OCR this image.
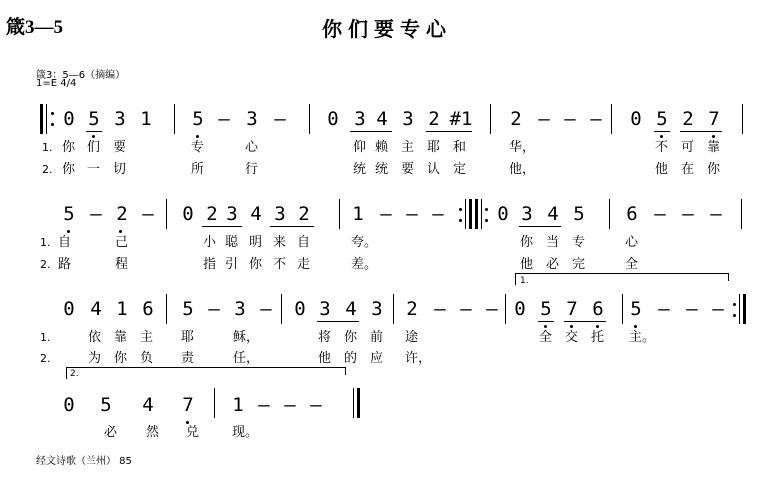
箴3—5	你们要专心
箴3：5—6（摘编）
1=E 4/4
0 5 3 1 5 – 3 – 0 3 4 3 2 #1 2 – – – 0 5 2 7
1. 你 们 要	专	心	仰 赖 主 耶 和	华，	不 可 靠
2. 你 一 切	所	行	统 统 要 认 定	他，	他 在 你
5 – 2 – 0 2 3 4 3 2 1 – – –	0 3 4 5 6 – – –
1. 自	己	小 聪 明 来 自	夸。	你 当 专	心
2. 路	程	指 引 你 不 走	差。	他 必 完	全
1.
0 4 1 6 5 – 3 – 0 3 4 3 2 – – – 0 5 7 6 5 – – –
1.	依 靠 主 耶	稣，	将 你 前 途	全 交 托 主。
2.	为 你 负 责	任，	他 的 应 许，
2.
0 5 4 7 1 – – –
必 然 兑	现。
经文诗歌（兰州） 85
